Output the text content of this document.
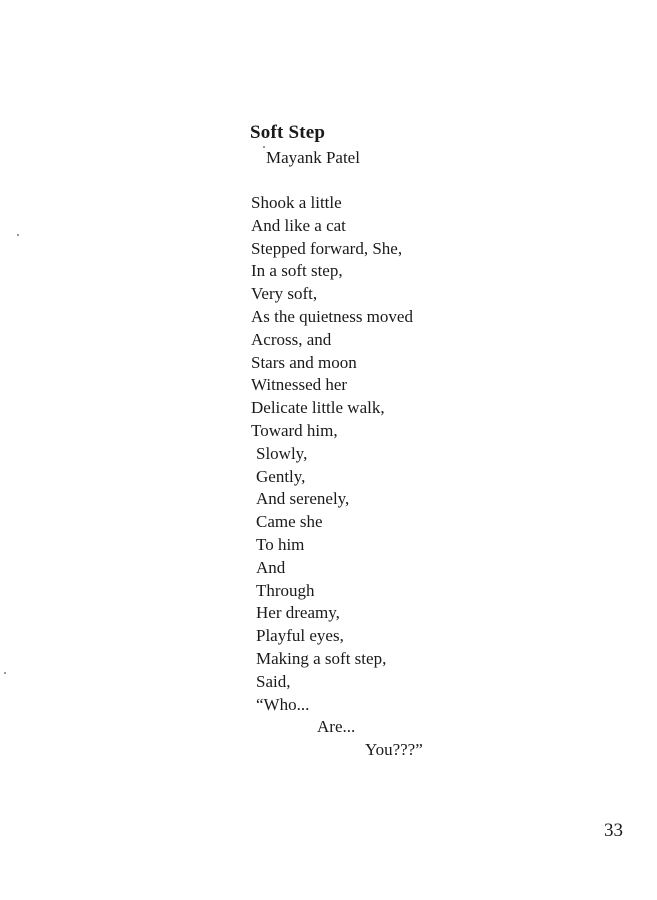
Soft Step
Mayank Patel
Shook a little
And like a cat
Stepped forward, She,
In a soft step,
Very soft,
As the quietness moved
Across, and
Stars and moon
Witnessed her
Delicate little walk,
Toward him,
Slowly,
Gently,
And serenely,
Came she
To him
And
Through
Her dreamy,
Playful eyes,
Making a soft step,
Said,
“Who...
Are...
You???”
33
